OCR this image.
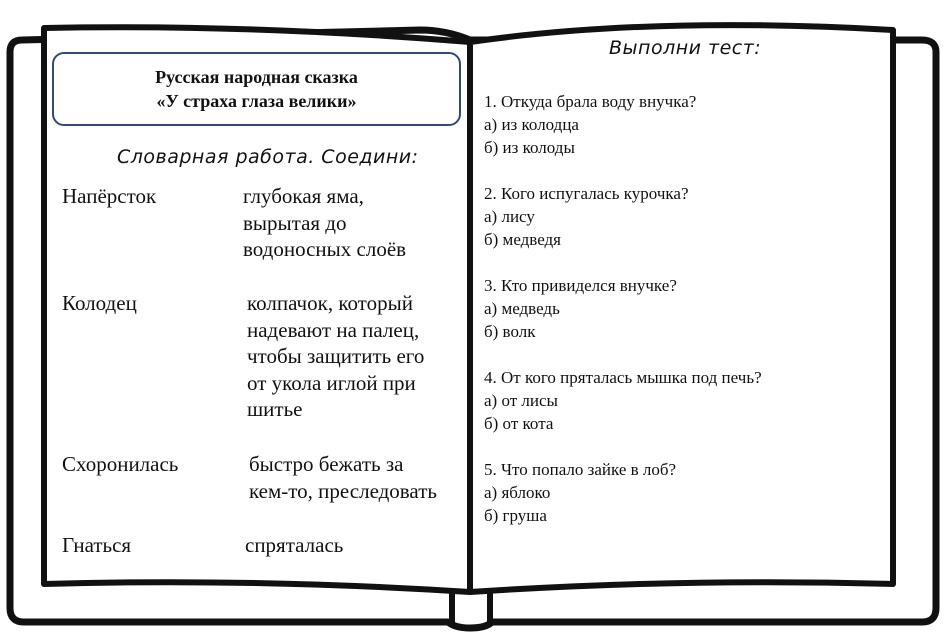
Русская народная сказка
«У страха глаза велики»
Словарная работа. Соедини:
Напёрсток
Колодец
Схоронилась
Гнаться
глубокая яма,
вырытая до
водоносных слоёв
колпачок, который
надевают на палец,
чтобы защитить его
от укола иглой при
шитье
быстро бежать за
кем-то, преследовать
спряталась
Выполни тест:
1. Откуда брала воду внучка?
а) из колодца
б) из колоды
2. Кого испугалась курочка?
а) лису
б) медведя
3. Кто привиделся внучке?
а) медведь
б) волк
4. От кого пряталась мышка под печь?
а) от лисы
б) от кота
5. Что попало зайке в лоб?
а) яблоко
б) груша
